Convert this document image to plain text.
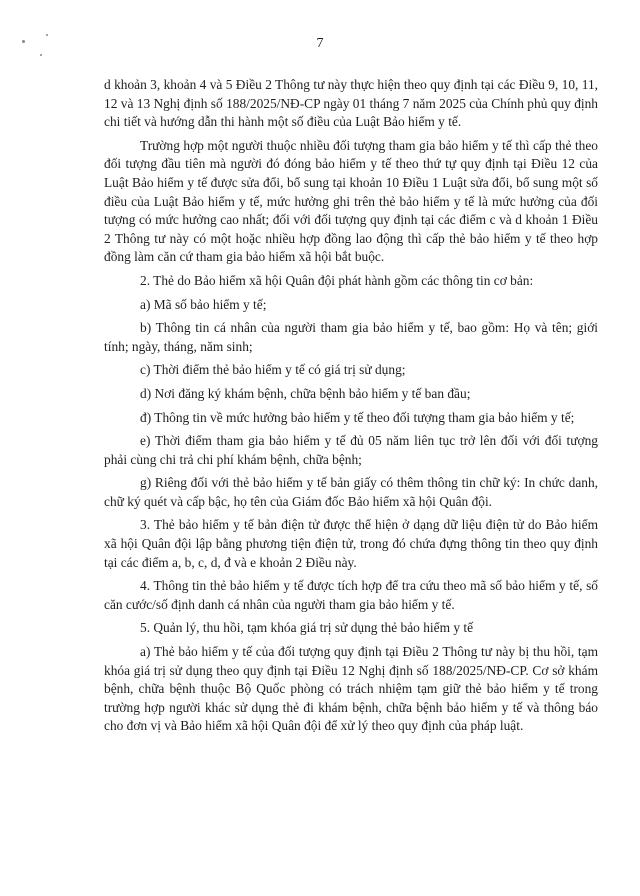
7

d khoản 3, khoản 4 và 5 Điều 2 Thông tư này thực hiện theo quy định tại các Điều 9, 10, 11, 12 và 13 Nghị định số 188/2025/NĐ-CP ngày 01 tháng 7 năm 2025 của Chính phủ quy định chi tiết và hướng dẫn thi hành một số điều của Luật Bảo hiểm y tế.

Trường hợp một người thuộc nhiều đối tượng tham gia bảo hiểm y tế thì cấp thẻ theo đối tượng đầu tiên mà người đó đóng bảo hiểm y tế theo thứ tự quy định tại Điều 12 của Luật Bảo hiểm y tế được sửa đổi, bổ sung tại khoản 10 Điều 1 Luật sửa đổi, bổ sung một số điều của Luật Bảo hiểm y tế, mức hưởng ghi trên thẻ bảo hiểm y tế là mức hưởng của đối tượng có mức hưởng cao nhất; đối với đối tượng quy định tại các điểm c và d khoản 1 Điều 2 Thông tư này có một hoặc nhiều hợp đồng lao động thì cấp thẻ bảo hiểm y tế theo hợp đồng làm căn cứ tham gia bảo hiểm xã hội bắt buộc.

2. Thẻ do Bảo hiểm xã hội Quân đội phát hành gồm các thông tin cơ bản:

a) Mã số bảo hiểm y tế;

b) Thông tin cá nhân của người tham gia bảo hiểm y tế, bao gồm: Họ và tên; giới tính; ngày, tháng, năm sinh;

c) Thời điểm thẻ bảo hiểm y tế có giá trị sử dụng;

d) Nơi đăng ký khám bệnh, chữa bệnh bảo hiểm y tế ban đầu;

đ) Thông tin về mức hưởng bảo hiểm y tế theo đối tượng tham gia bảo hiểm y tế;

e) Thời điểm tham gia bảo hiểm y tế đủ 05 năm liên tục trở lên đối với đối tượng phải cùng chi trả chi phí khám bệnh, chữa bệnh;

g) Riêng đối với thẻ bảo hiểm y tế bản giấy có thêm thông tin chữ ký: In chức danh, chữ ký quét và cấp bậc, họ tên của Giám đốc Bảo hiểm xã hội Quân đội.

3. Thẻ bảo hiểm y tế bản điện tử được thể hiện ở dạng dữ liệu điện tử do Bảo hiểm xã hội Quân đội lập bằng phương tiện điện tử, trong đó chứa đựng thông tin theo quy định tại các điểm a, b, c, d, đ và e khoản 2 Điều này.

4. Thông tin thẻ bảo hiểm y tế được tích hợp để tra cứu theo mã số bảo hiểm y tế, số căn cước/số định danh cá nhân của người tham gia bảo hiểm y tế.

5. Quản lý, thu hồi, tạm khóa giá trị sử dụng thẻ bảo hiểm y tế

a) Thẻ bảo hiểm y tế của đối tượng quy định tại Điều 2 Thông tư này bị thu hồi, tạm khóa giá trị sử dụng theo quy định tại Điều 12 Nghị định số 188/2025/NĐ-CP. Cơ sở khám bệnh, chữa bệnh thuộc Bộ Quốc phòng có trách nhiệm tạm giữ thẻ bảo hiểm y tế trong trường hợp người khác sử dụng thẻ đi khám bệnh, chữa bệnh bảo hiểm y tế và thông báo cho đơn vị và Bảo hiểm xã hội Quân đội để xử lý theo quy định của pháp luật.
